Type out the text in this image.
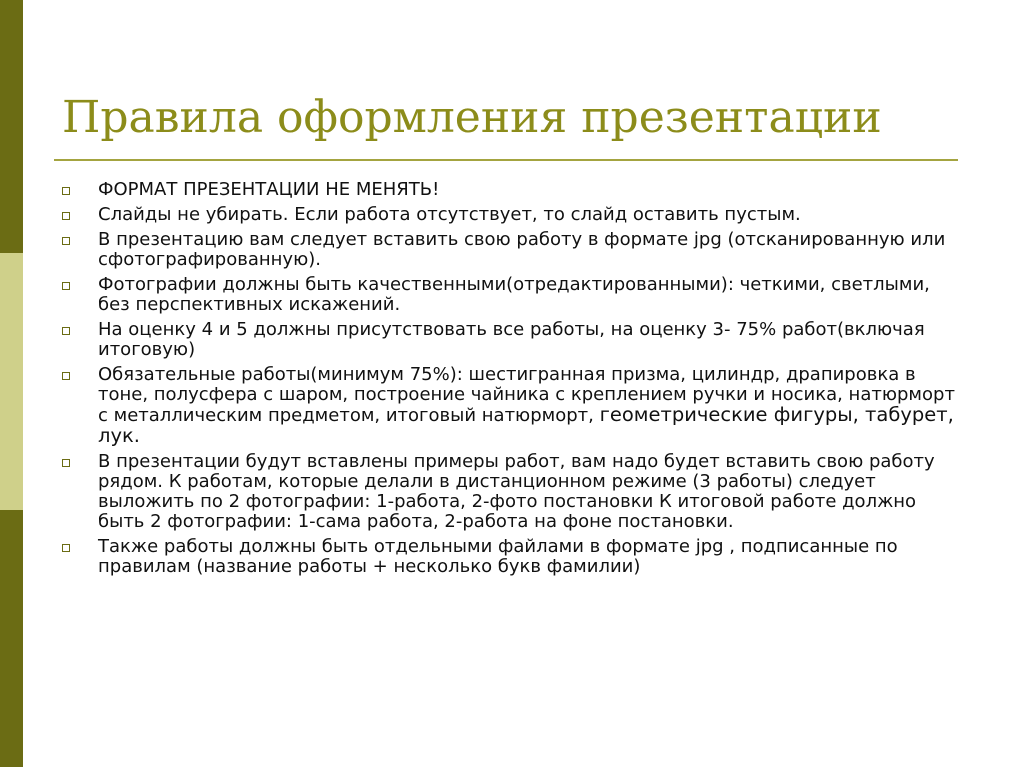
Правила оформления презентации
ФОРМАТ ПРЕЗЕНТАЦИИ НЕ МЕНЯТЬ!
Слайды не убирать. Если работа отсутствует, то слайд оставить пустым.
В презентацию вам следует вставить свою работу в формате jpg (отсканированную или сфотографированную).
Фотографии должны быть качественными(отредактированными): четкими, светлыми, без перспективных искажений.
На оценку 4 и 5 должны присутствовать все работы, на оценку 3- 75% работ(включая итоговую)
Обязательные работы(минимум 75%): шестигранная призма, цилиндр, драпировка в тоне, полусфера с шаром, построение чайника с креплением ручки и носика, натюрморт с металлическим предметом, итоговый натюрморт, геометрические фигуры, табурет, лук.
В презентации будут вставлены примеры работ, вам надо будет вставить свою работу рядом. К работам, которые делали в дистанционном режиме (3 работы) следует выложить по 2 фотографии: 1-работа, 2-фото постановки К итоговой работе должно быть 2 фотографии: 1-сама работа, 2-работа на фоне постановки.
Также работы должны быть отдельными файлами в формате jpg , подписанные по правилам (название работы + несколько букв фамилии)
